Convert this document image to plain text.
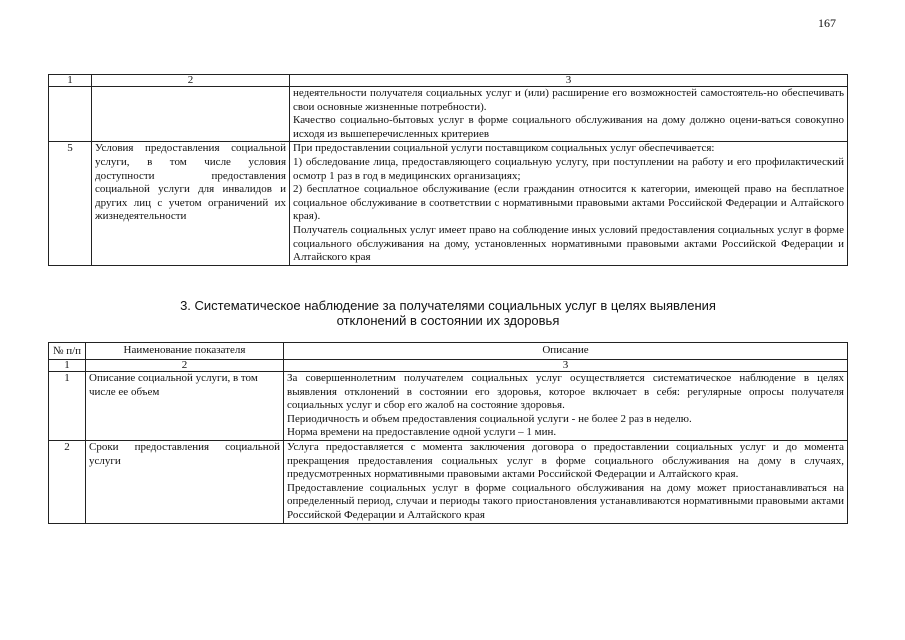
167
1	2	3

		недеятельности получателя социальных услуг и (или) расширение его возможностей самостоятель-но обеспечивать свои основные жизненные потребности).
Качество социально-бытовых услуг в форме социального обслуживания на дому должно оцени-ваться совокупно исходя из вышеперечисленных критериев

5	Условия предоставления социальной услуги, в том числе условия доступности предоставления социальной услуги для инвалидов и других лиц с учетом ограничений их жизнедеятельности	При предоставлении социальной услуги поставщиком социальных услуг обеспечивается:
1) обследование лица, предоставляющего социальную услугу, при поступлении на работу и его профилактический осмотр 1 раз в год в медицинских организациях;
2) бесплатное социальное обслуживание (если гражданин относится к категории, имеющей право на бесплатное социальное обслуживание в соответствии с нормативными правовыми актами Российской Федерации и Алтайского края).
Получатель социальных услуг имеет право на соблюдение иных условий предоставления социальных услуг в форме социального обслуживания на дому, установленных нормативными правовыми актами Российской Федерации и Алтайского края
3. Систематическое наблюдение за получателями социальных услуг в целях выявления
отклонений в состоянии их здоровья
№ п/п	Наименование показателя	Описание
1	2	3
1	Описание социальной услуги, в том числе ее объем	За совершеннолетним получателем социальных услуг осуществляется систематическое наблюдение в целях выявления отклонений в состоянии его здоровья, которое включает в себя: регулярные опросы получателя социальных услуг и сбор его жалоб на состояние здоровья.
Периодичность и объем предоставления социальной услуги - не более 2 раз в неделю.
Норма времени на предоставление одной услуги – 1 мин.

2	Сроки предоставления социальной услуги	Услуга предоставляется с момента заключения договора о предоставлении социальных услуг и до момента прекращения предоставления социальных услуг в форме социального обслуживания на дому в случаях, предусмотренных нормативными правовыми актами Российской Федерации и Алтайского края.
Предоставление социальных услуг в форме социального обслуживания на дому может приостанавливаться на определенный период, случаи и периоды такого приостановления устанавливаются нормативными правовыми актами Российской Федерации и Алтайского края
